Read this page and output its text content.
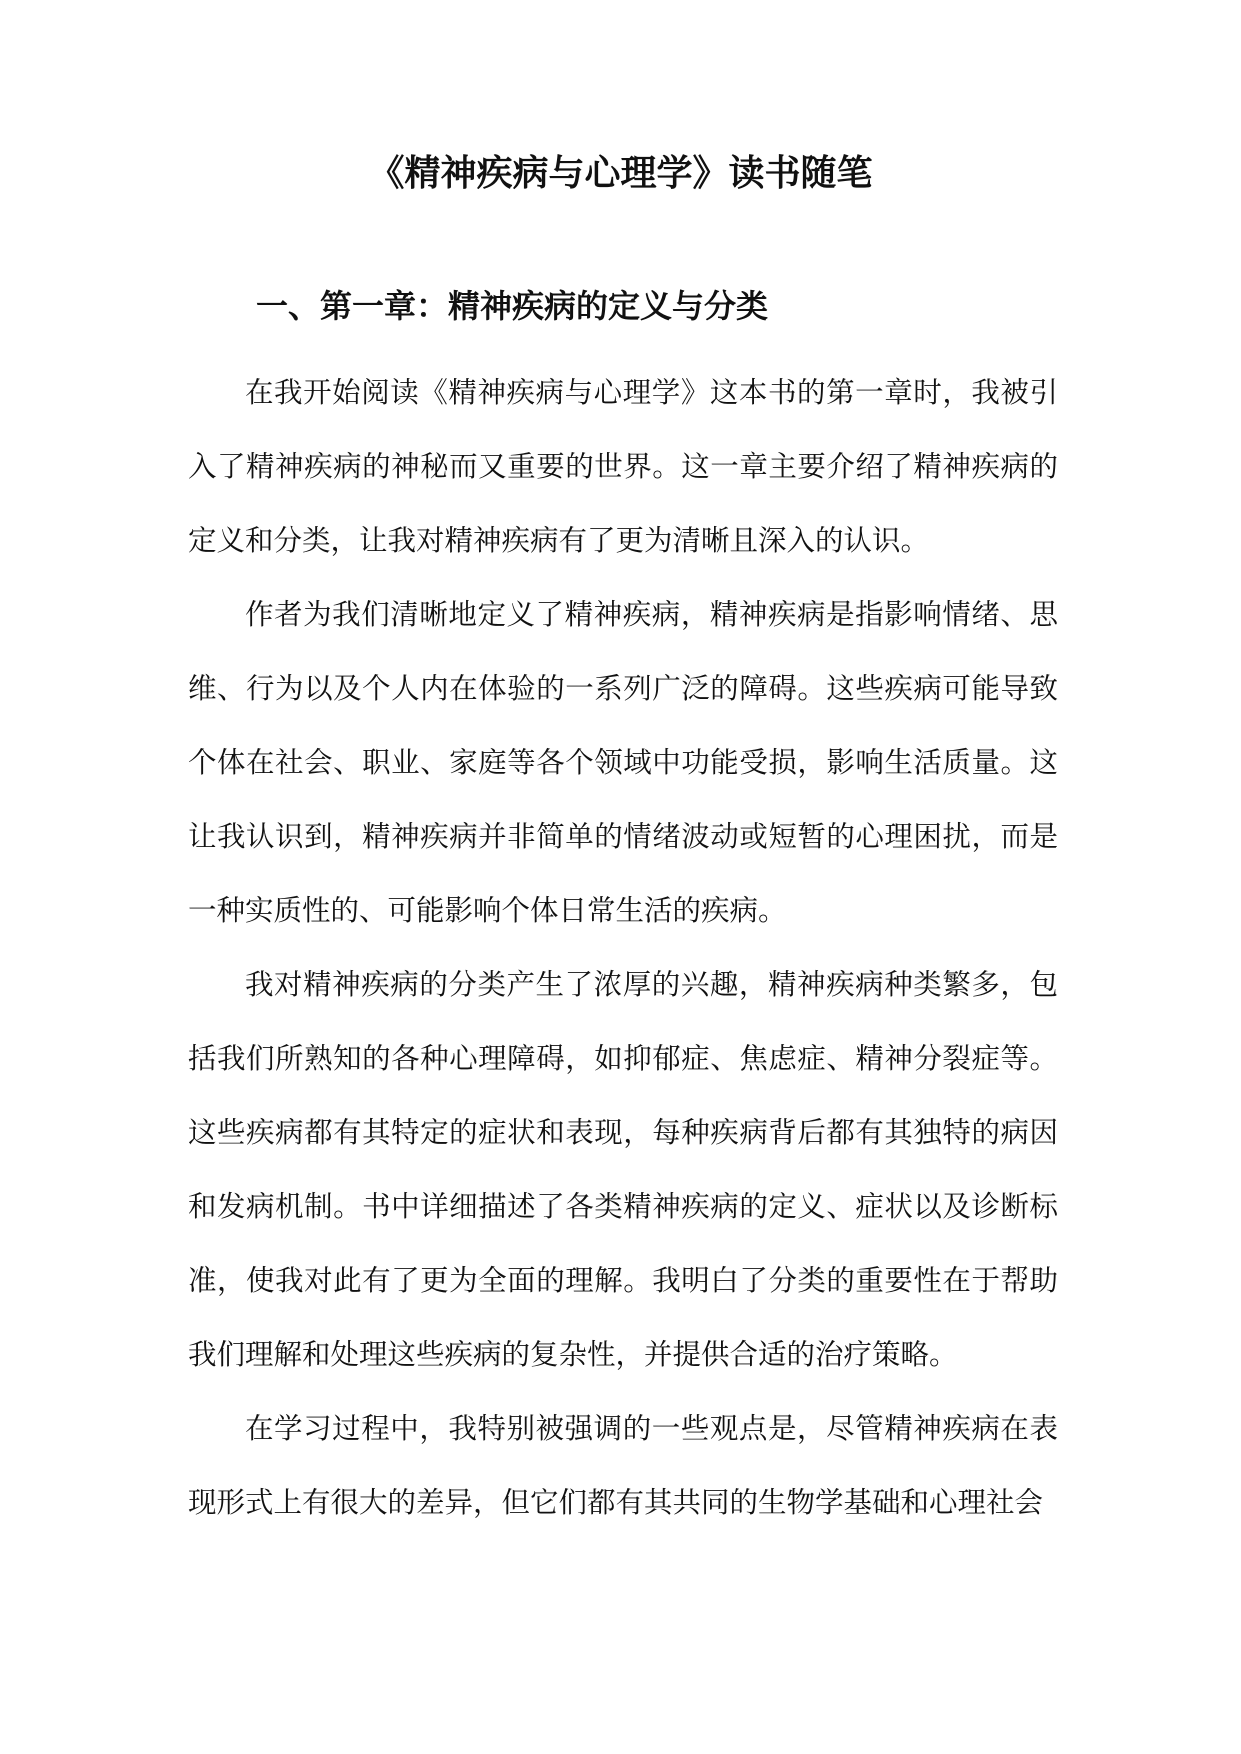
《精神疾病与心理学》读书随笔
一、第一章：精神疾病的定义与分类

在我开始阅读《精神疾病与心理学》这本书的第一章时，我被引入了精神疾病的神秘而又重要的世界。这一章主要介绍了精神疾病的定义和分类，让我对精神疾病有了更为清晰且深入的认识。

作者为我们清晰地定义了精神疾病，精神疾病是指影响情绪、思维、行为以及个人内在体验的一系列广泛的障碍。这些疾病可能导致个体在社会、职业、家庭等各个领域中功能受损，影响生活质量。这让我认识到，精神疾病并非简单的情绪波动或短暂的心理困扰，而是一种实质性的、可能影响个体日常生活的疾病。

我对精神疾病的分类产生了浓厚的兴趣，精神疾病种类繁多，包括我们所熟知的各种心理障碍，如抑郁症、焦虑症、精神分裂症等。这些疾病都有其特定的症状和表现，每种疾病背后都有其独特的病因和发病机制。书中详细描述了各类精神疾病的定义、症状以及诊断标准，使我对此有了更为全面的理解。我明白了分类的重要性在于帮助我们理解和处理这些疾病的复杂性，并提供合适的治疗策略。

在学习过程中，我特别被强调的一些观点是，尽管精神疾病在表现形式上有很大的差异，但它们都有其共同的生物学基础和心理社会
